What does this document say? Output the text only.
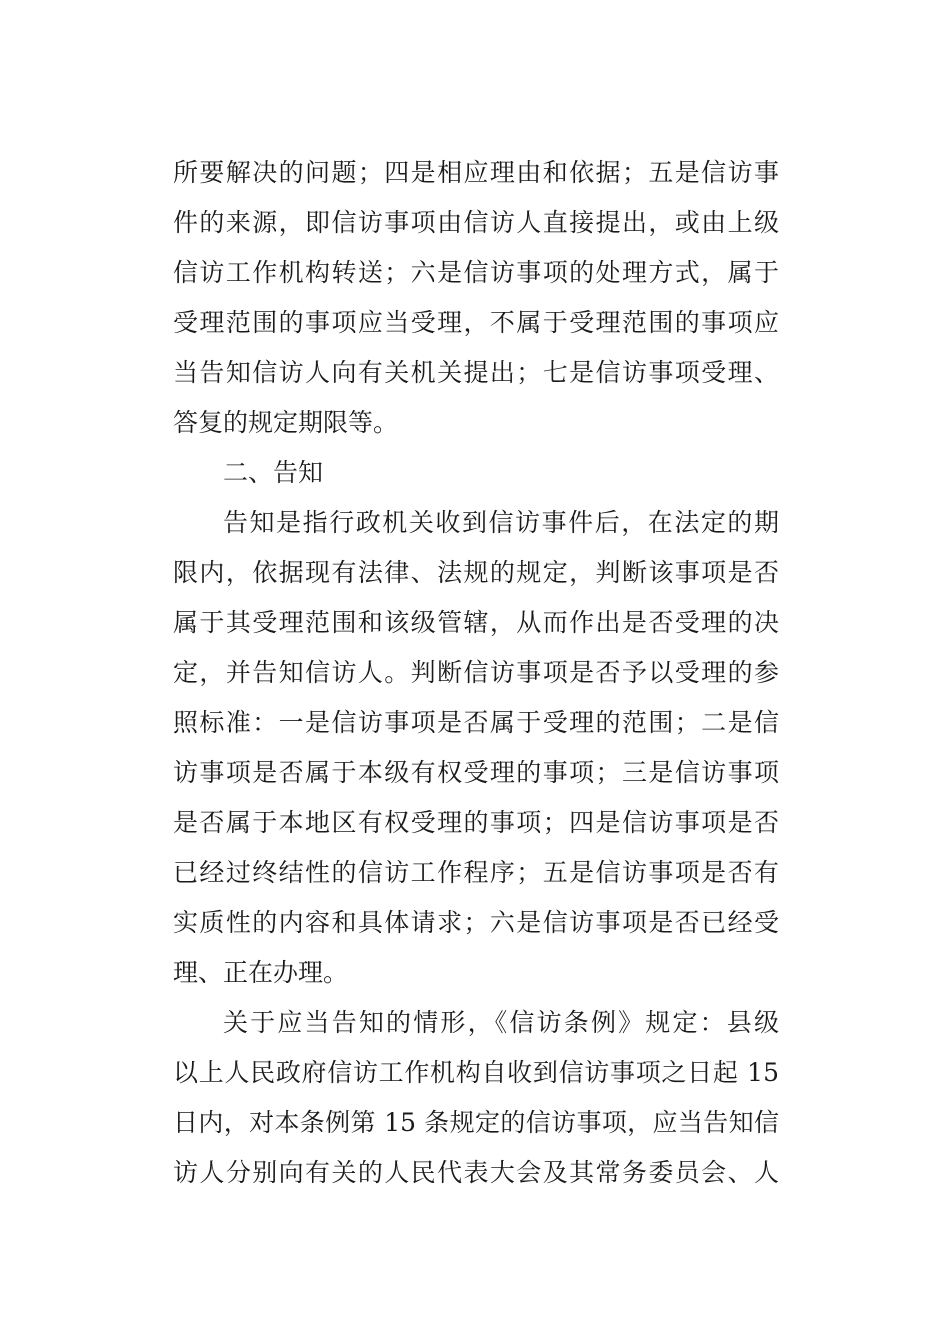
所要解决的问题；四是相应理由和依据；五是信访事
件的来源，即信访事项由信访人直接提出，或由上级
信访工作机构转送；六是信访事项的处理方式，属于
受理范围的事项应当受理，不属于受理范围的事项应
当告知信访人向有关机关提出；七是信访事项受理、
答复的规定期限等。
二、告知
告知是指行政机关收到信访事件后，在法定的期
限内，依据现有法律、法规的规定，判断该事项是否
属于其受理范围和该级管辖，从而作出是否受理的决
定，并告知信访人。判断信访事项是否予以受理的参
照标准：一是信访事项是否属于受理的范围；二是信
访事项是否属于本级有权受理的事项；三是信访事项
是否属于本地区有权受理的事项；四是信访事项是否
已经过终结性的信访工作程序；五是信访事项是否有
实质性的内容和具体请求；六是信访事项是否已经受
理、正在办理。
关于应当告知的情形，《信访条例》规定：县级
以上人民政府信访工作机构自收到信访事项之日起 15
日内，对本条例第 15 条规定的信访事项，应当告知信
访人分别向有关的人民代表大会及其常务委员会、人
